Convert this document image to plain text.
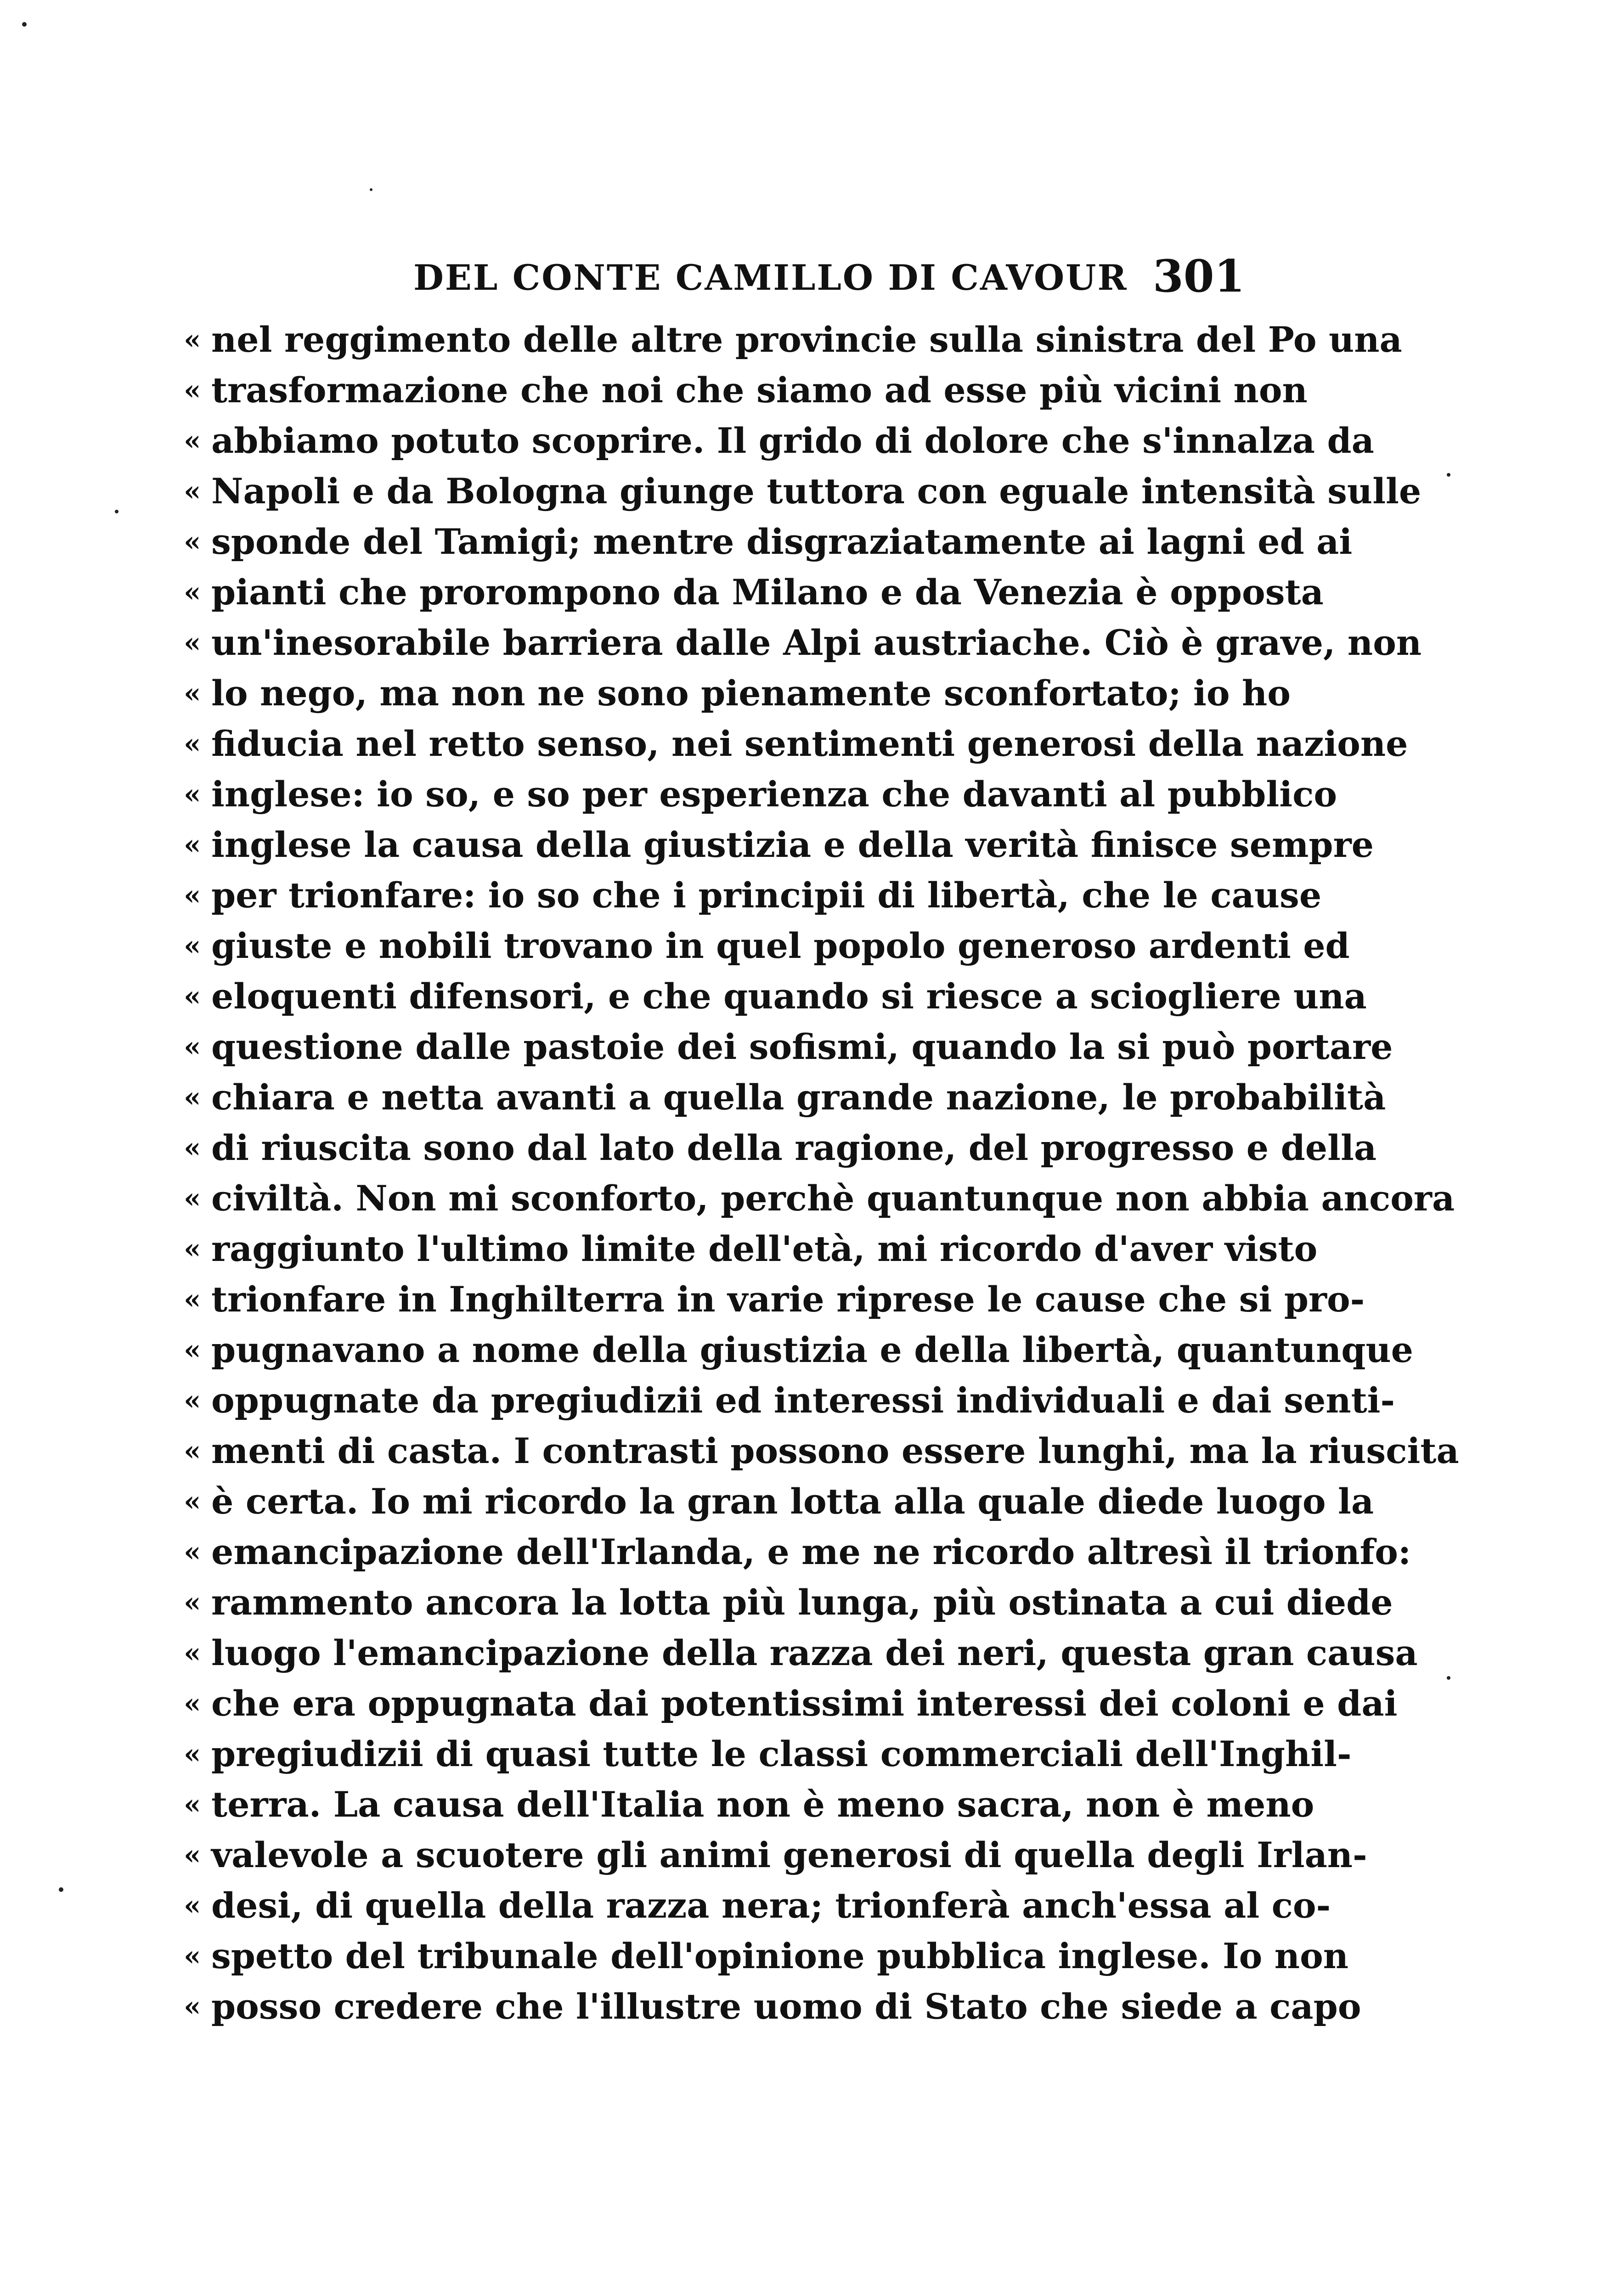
DEL CONTE CAMILLO DI CAVOUR 301
« nel reggimento delle altre provincie sulla sinistra del Po una
« trasformazione che noi che siamo ad esse più vicini non
« abbiamo potuto scoprire. Il grido di dolore che s'innalza da
« Napoli e da Bologna giunge tuttora con eguale intensità sulle
« sponde del Tamigi; mentre disgraziatamente ai lagni ed ai
« pianti che prorompono da Milano e da Venezia è opposta
« un'inesorabile barriera dalle Alpi austriache. Ciò è grave, non
« lo nego, ma non ne sono pienamente sconfortato; io ho
« fiducia nel retto senso, nei sentimenti generosi della nazione
« inglese: io so, e so per esperienza che davanti al pubblico
« inglese la causa della giustizia e della verità finisce sempre
« per trionfare: io so che i principii di libertà, che le cause
« giuste e nobili trovano in quel popolo generoso ardenti ed
« eloquenti difensori, e che quando si riesce a sciogliere una
« questione dalle pastoie dei sofismi, quando la si può portare
« chiara e netta avanti a quella grande nazione, le probabilità
« di riuscita sono dal lato della ragione, del progresso e della
« civiltà. Non mi sconforto, perchè quantunque non abbia ancora
« raggiunto l'ultimo limite dell'età, mi ricordo d'aver visto
« trionfare in Inghilterra in varie riprese le cause che si pro-
« pugnavano a nome della giustizia e della libertà, quantunque
« oppugnate da pregiudizii ed interessi individuali e dai senti-
« menti di casta. I contrasti possono essere lunghi, ma la riuscita
« è certa. Io mi ricordo la gran lotta alla quale diede luogo la
« emancipazione dell'Irlanda, e me ne ricordo altresì il trionfo:
« rammento ancora la lotta più lunga, più ostinata a cui diede
« luogo l'emancipazione della razza dei neri, questa gran causa
« che era oppugnata dai potentissimi interessi dei coloni e dai
« pregiudizii di quasi tutte le classi commerciali dell'Inghil-
« terra. La causa dell'Italia non è meno sacra, non è meno
« valevole a scuotere gli animi generosi di quella degli Irlan-
« desi, di quella della razza nera; trionferà anch'essa al co-
« spetto del tribunale dell'opinione pubblica inglese. Io non
« posso credere che l'illustre uomo di Stato che siede a capo
